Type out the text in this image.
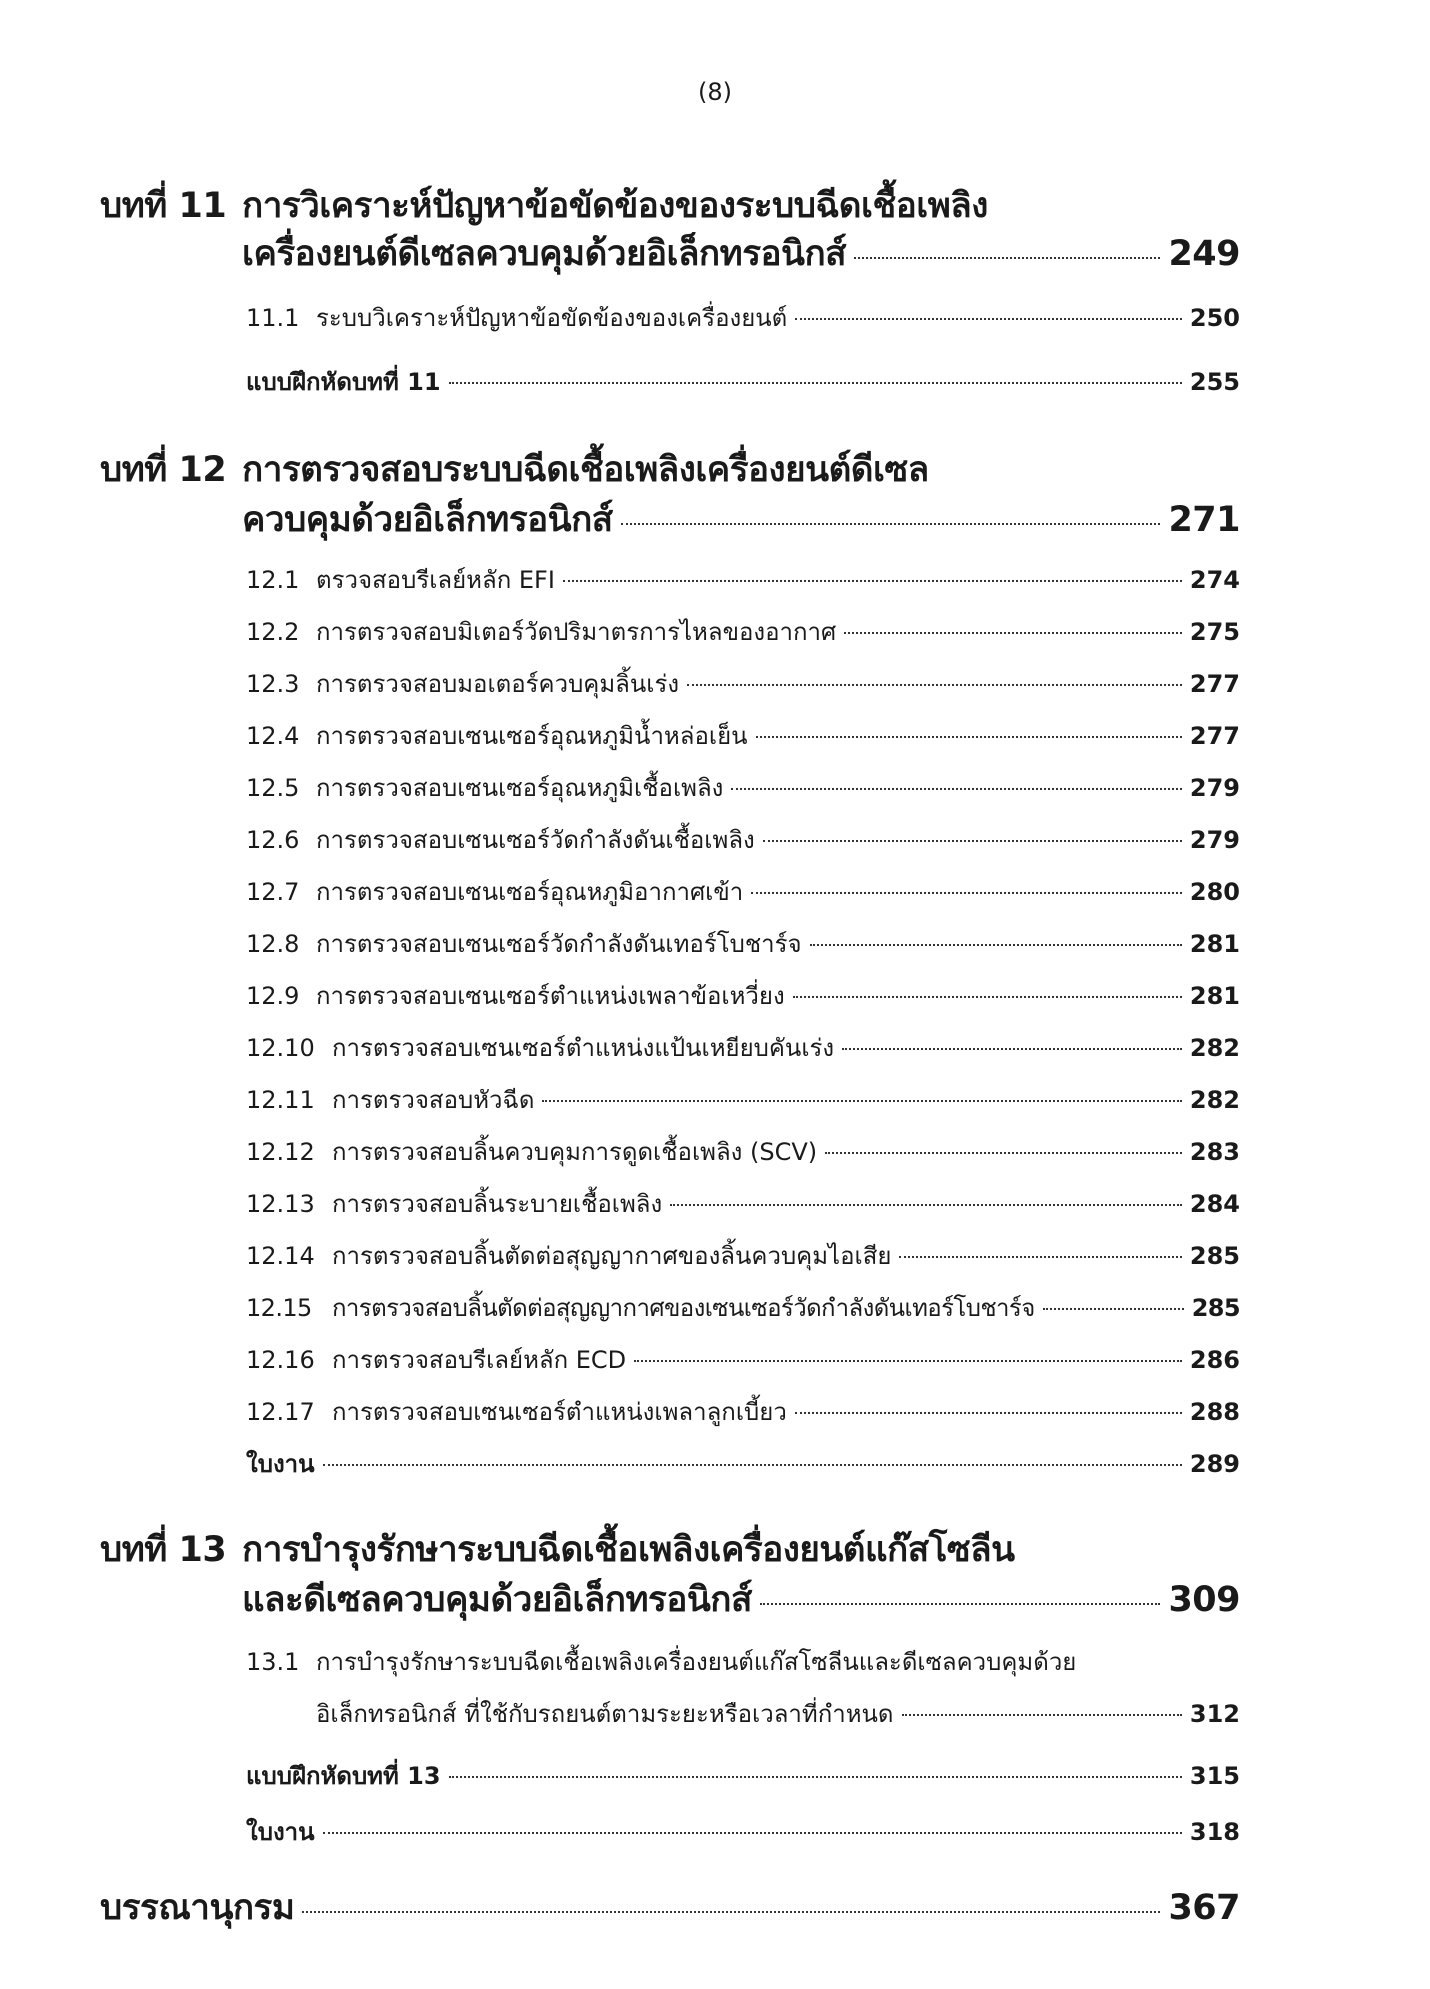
(8)
บทที่ 11 การวิเคราะห์ปัญหาข้อขัดข้องของระบบฉีดเชื้อเพลิง
เครื่องยนต์ดีเซลควบคุมด้วยอิเล็กทรอนิกส์	249
11.1 ระบบวิเคราะห์ปัญหาข้อขัดข้องของเครื่องยนต์	250
แบบฝึกหัดบทที่ 11	255
บทที่ 12 การตรวจสอบระบบฉีดเชื้อเพลิงเครื่องยนต์ดีเซล
ควบคุมด้วยอิเล็กทรอนิกส์	271
12.1 ตรวจสอบรีเลย์หลัก EFI	274
12.2 การตรวจสอบมิเตอร์วัดปริมาตรการไหลของอากาศ	275
12.3 การตรวจสอบมอเตอร์ควบคุมลิ้นเร่ง	277
12.4 การตรวจสอบเซนเซอร์อุณหภูมิน้ำหล่อเย็น	277
12.5 การตรวจสอบเซนเซอร์อุณหภูมิเชื้อเพลิง	279
12.6 การตรวจสอบเซนเซอร์วัดกำลังดันเชื้อเพลิง	279
12.7 การตรวจสอบเซนเซอร์อุณหภูมิอากาศเข้า	280
12.8 การตรวจสอบเซนเซอร์วัดกำลังดันเทอร์โบชาร์จ	281
12.9 การตรวจสอบเซนเซอร์ตำแหน่งเพลาข้อเหวี่ยง	281
12.10 การตรวจสอบเซนเซอร์ตำแหน่งแป้นเหยียบคันเร่ง	282
12.11 การตรวจสอบหัวฉีด	282
12.12 การตรวจสอบลิ้นควบคุมการดูดเชื้อเพลิง (SCV)	283
12.13 การตรวจสอบลิ้นระบายเชื้อเพลิง	284
12.14 การตรวจสอบลิ้นตัดต่อสุญญากาศของลิ้นควบคุมไอเสีย	285
12.15 การตรวจสอบลิ้นตัดต่อสุญญากาศของเซนเซอร์วัดกำลังดันเทอร์โบชาร์จ	285
12.16 การตรวจสอบรีเลย์หลัก ECD	286
12.17 การตรวจสอบเซนเซอร์ตำแหน่งเพลาลูกเบี้ยว	288
ใบงาน	289
บทที่ 13 การบำรุงรักษาระบบฉีดเชื้อเพลิงเครื่องยนต์แก๊สโซลีน
และดีเซลควบคุมด้วยอิเล็กทรอนิกส์	309
13.1 การบำรุงรักษาระบบฉีดเชื้อเพลิงเครื่องยนต์แก๊สโซลีนและดีเซลควบคุมด้วย
อิเล็กทรอนิกส์ ที่ใช้กับรถยนต์ตามระยะหรือเวลาที่กำหนด	312
แบบฝึกหัดบทที่ 13	315
ใบงาน	318
บรรณานุกรม	367
